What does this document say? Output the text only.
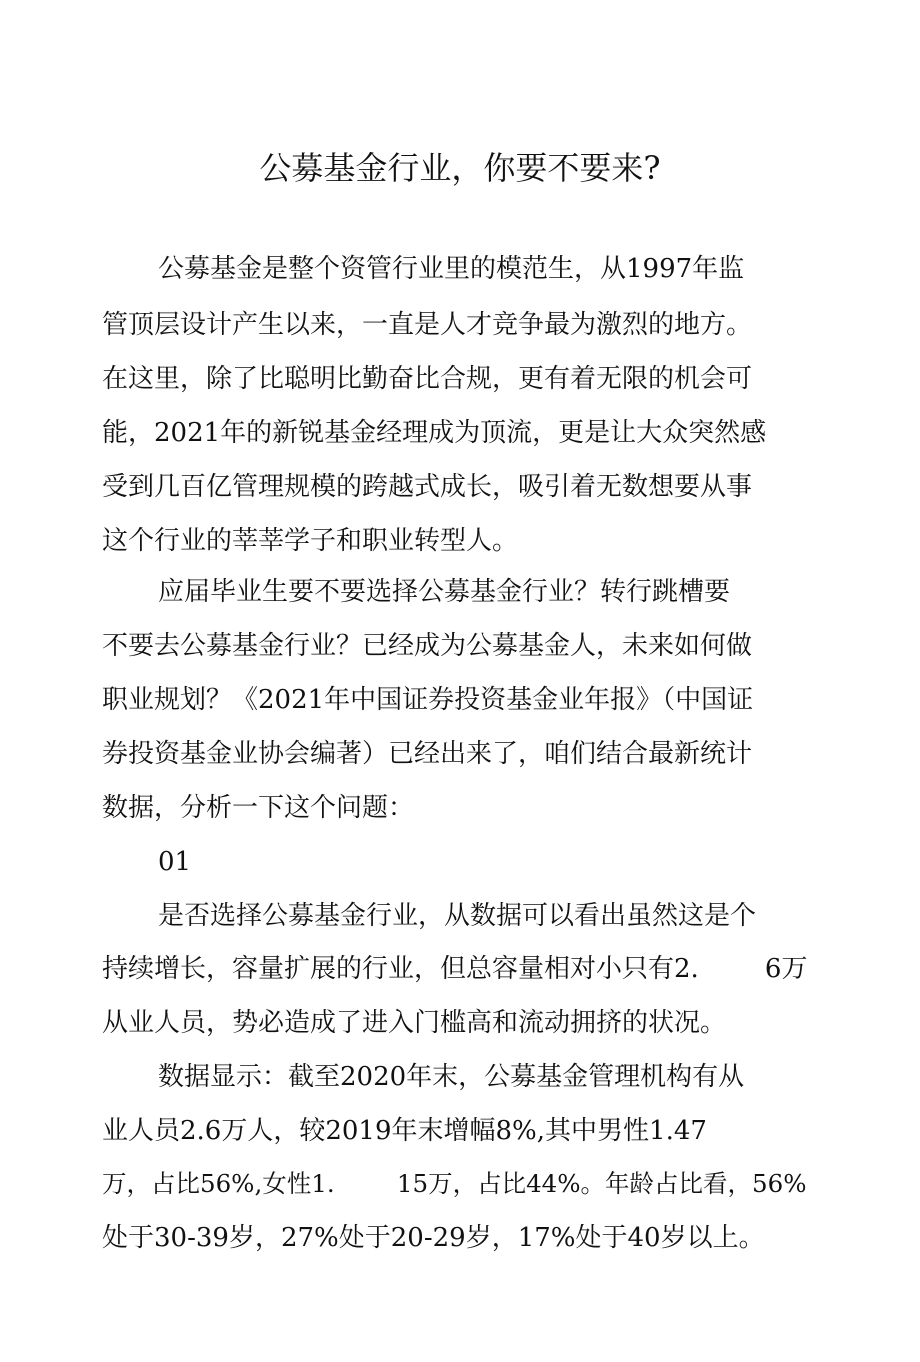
公募基金行业，你要不要来?
公募基金是整个资管行业里的模范生，从1997年监
管顶层设计产生以来，一直是人才竞争最为激烈的地方。
在这里，除了比聪明比勤奋比合规，更有着无限的机会可
能，2021年的新锐基金经理成为顶流，更是让大众突然感
受到几百亿管理规模的跨越式成长，吸引着无数想要从事
这个行业的莘莘学子和职业转型人。
应届毕业生要不要选择公募基金行业？转行跳槽要
不要去公募基金行业？已经成为公募基金人，未来如何做
职业规划？《2021年中国证券投资基金业年报》（中国证
券投资基金业协会编著）已经出来了，咱们结合最新统计
数据，分析一下这个问题：
01
是否选择公募基金行业，从数据可以看出虽然这是个
持续增长，容量扩展的行业，但总容量相对小只有2.        6万
从业人员，势必造成了进入门槛高和流动拥挤的状况。
数据显示：截至2020年末，公募基金管理机构有从
业人员2.6万人，较2019年末增幅8%,其中男性1.47
万，占比56%,女性1.        15万，占比44%。年龄占比看，56%
处于30-39岁，27%处于20-29岁，17%处于40岁以上。
